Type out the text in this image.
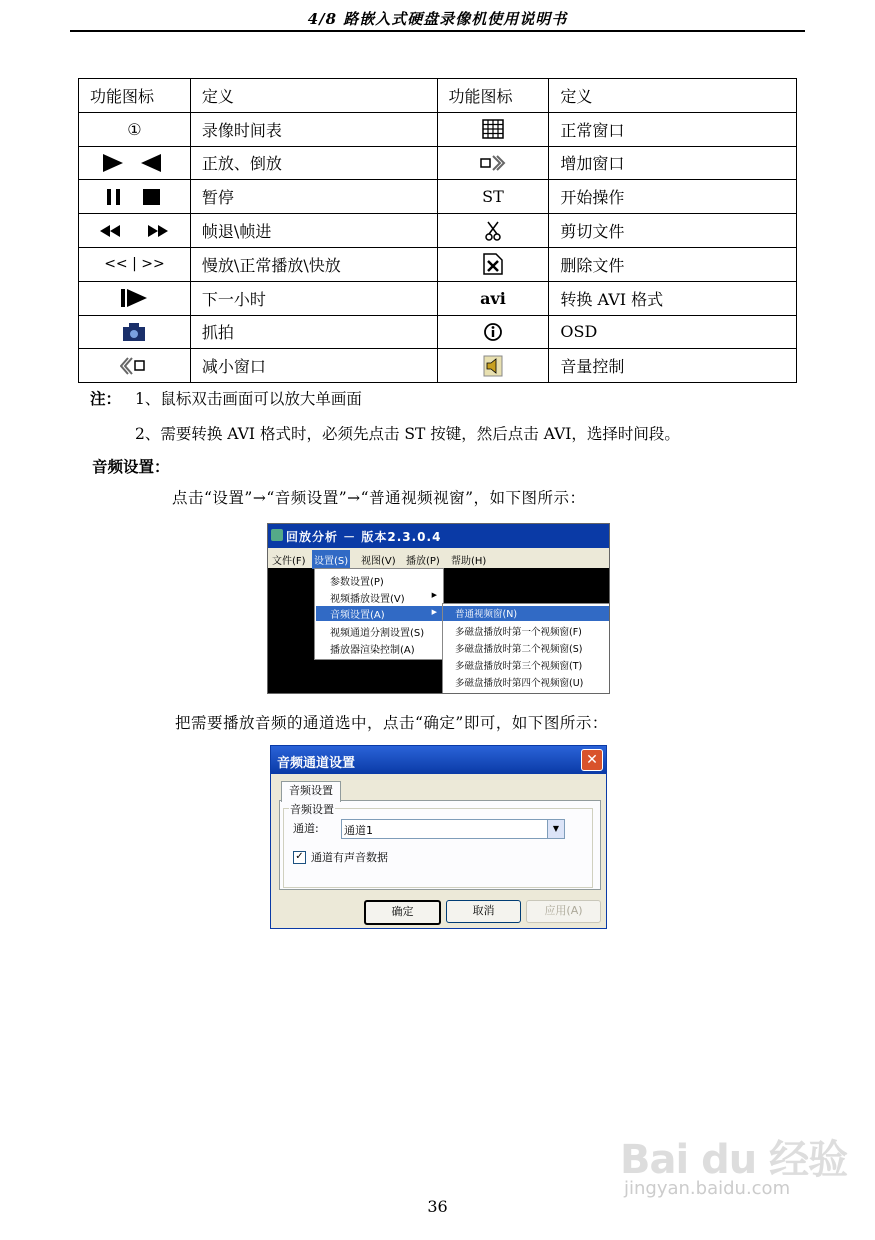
4/8 路嵌入式硬盘录像机使用说明书
功能图标	定义	功能图标	定义
①	录像时间表		正常窗口
	正放、倒放		增加窗口
	暂停	ST	开始操作
	帧退\帧进		剪切文件
<< | >>	慢放\正常播放\快放		删除文件
	下一小时	avi	转换 AVI 格式
	抓拍		OSD
	减小窗口		音量控制
注： 1、鼠标双击画面可以放大单画面
2、需要转换 AVI 格式时，必须先点击 ST 按键，然后点击 AVI，选择时间段。
音频设置：
点击“设置”→“音频设置”→“普通视频视窗”，如下图所示：
回放分析 － 版本2.3.0.4
文件(F) 设置(S) 视图(V) 播放(P) 帮助(H)
参数设置(P)
视频播放设置(V)	▶
音频设置(A)	▶
视频通道分割设置(S)
播放器渲染控制(A)
普通视频窗(N)
多磁盘播放时第一个视频窗(F)
多磁盘播放时第二个视频窗(S)
多磁盘播放时第三个视频窗(T)
多磁盘播放时第四个视频窗(U)
把需要播放音频的通道选中，点击“确定”即可，如下图所示：
音频通道设置	✕
音频设置
音频设置
通道: 通道1	▼
✓ 通道有声音数据
确定	取消	应用(A)
Bai du 经验
jingyan.baidu.com
36
